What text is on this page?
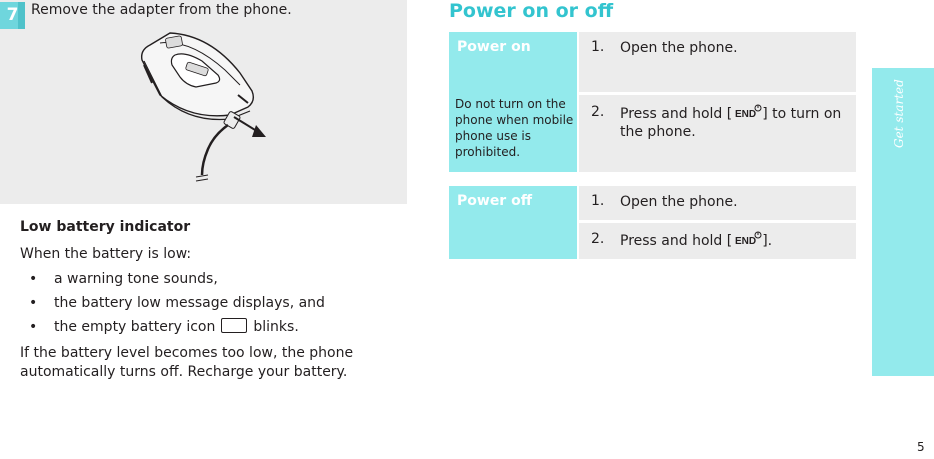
7 Remove the adapter from the phone.
Low battery indicator
When the battery is low:
• a warning tone sounds,
• the battery low message displays, and
• the empty battery icon	blinks.
If the battery level becomes too low, the phone automatically turns off. Recharge your battery.
Power on or off
Power on
Do not turn on the phone when mobile phone use is prohibited.
1. Open the phone.
2. Press and hold [ END ] to turn on the phone.
Power off	1. Open the phone.
2. Press and hold [ END ].
Get started
5
